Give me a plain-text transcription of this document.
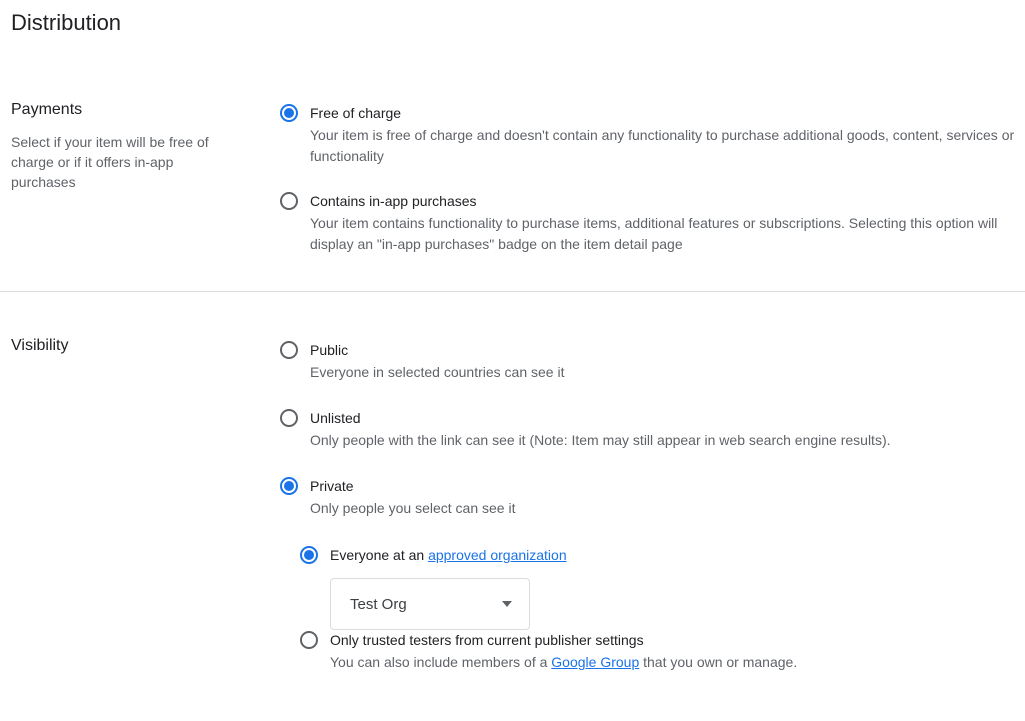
Distribution
Payments

Select if your item will be free of charge or if it offers in-app purchases

Free of charge
Your item is free of charge and doesn't contain any functionality to purchase additional goods, content, services or functionality
Contains in-app purchases
Your item contains functionality to purchase items, additional features or subscriptions. Selecting this option will display an "in-app purchases" badge on the item detail page
Visibility	Public
Everyone in selected countries can see it
Unlisted
Only people with the link can see it (Note: Item may still appear in web search engine results).
Private
Only people you select can see it
Everyone at an approved organization
Test Org
Only trusted testers from current publisher settings
You can also include members of a Google Group that you own or manage.
